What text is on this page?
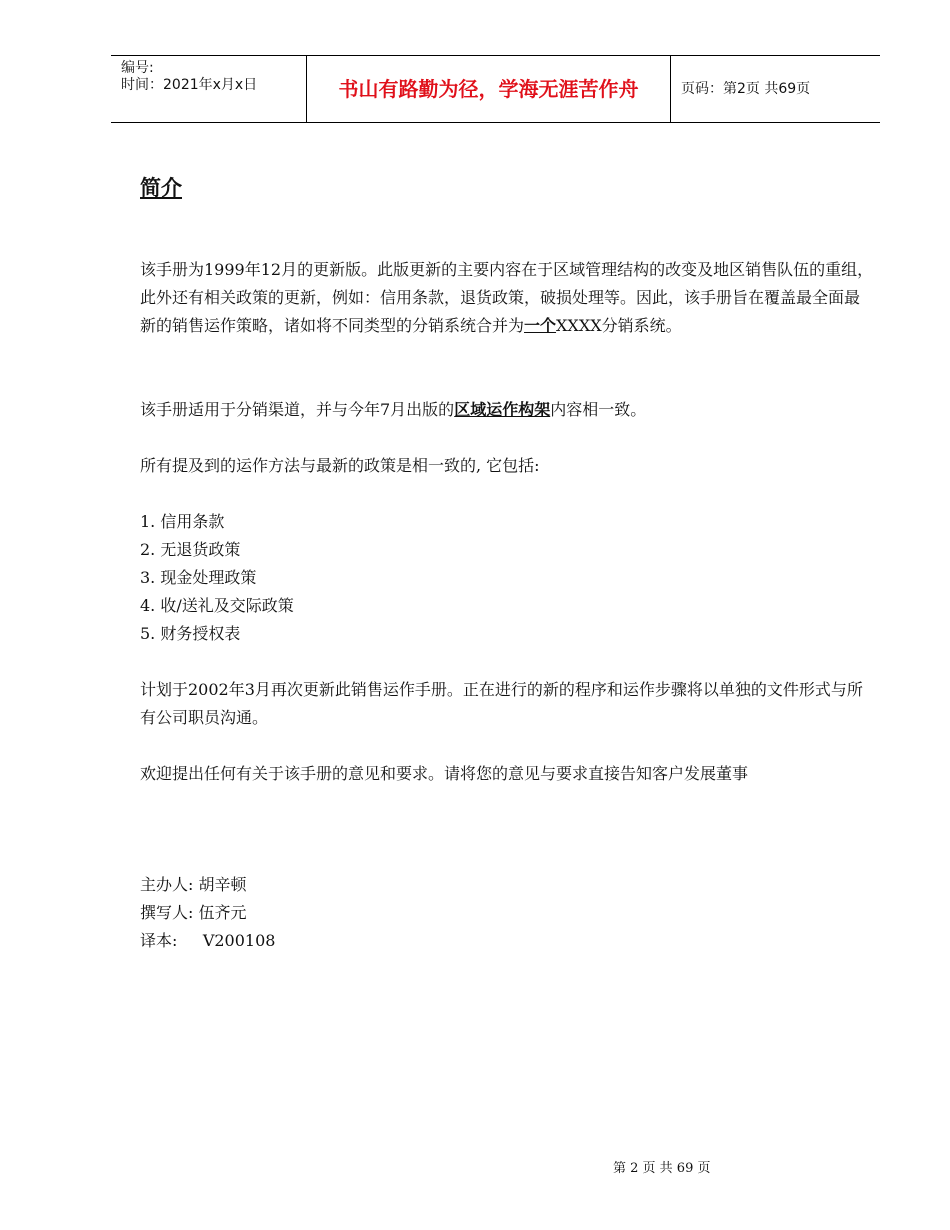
编号:
时间：2021年x月x日	书山有路勤为径，学海无涯苦作舟	页码：第2页 共69页
简介
该手册为1999年12月的更新版。此版更新的主要内容在于区域管理结构的改变及地区销售队伍的重组，此外还有相关政策的更新，例如：信用条款，退货政策，破损处理等。因此，该手册旨在覆盖最全面最新的销售运作策略，诸如将不同类型的分销系统合并为一个XXXX分销系统。
该手册适用于分销渠道，并与今年7月出版的区域运作构架内容相一致。
所有提及到的运作方法与最新的政策是相一致的, 它包括:
1. 信用条款
2. 无退货政策
3. 现金处理政策
4. 收/送礼及交际政策
5. 财务授权表
计划于2002年3月再次更新此销售运作手册。正在进行的新的程序和运作步骤将以单独的文件形式与所有公司职员沟通。
欢迎提出任何有关于该手册的意见和要求。请将您的意见与要求直接告知客户发展董事
主办人: 胡辛顿
撰写人: 伍齐元
译本:     V200108
第 2 页 共 69 页
